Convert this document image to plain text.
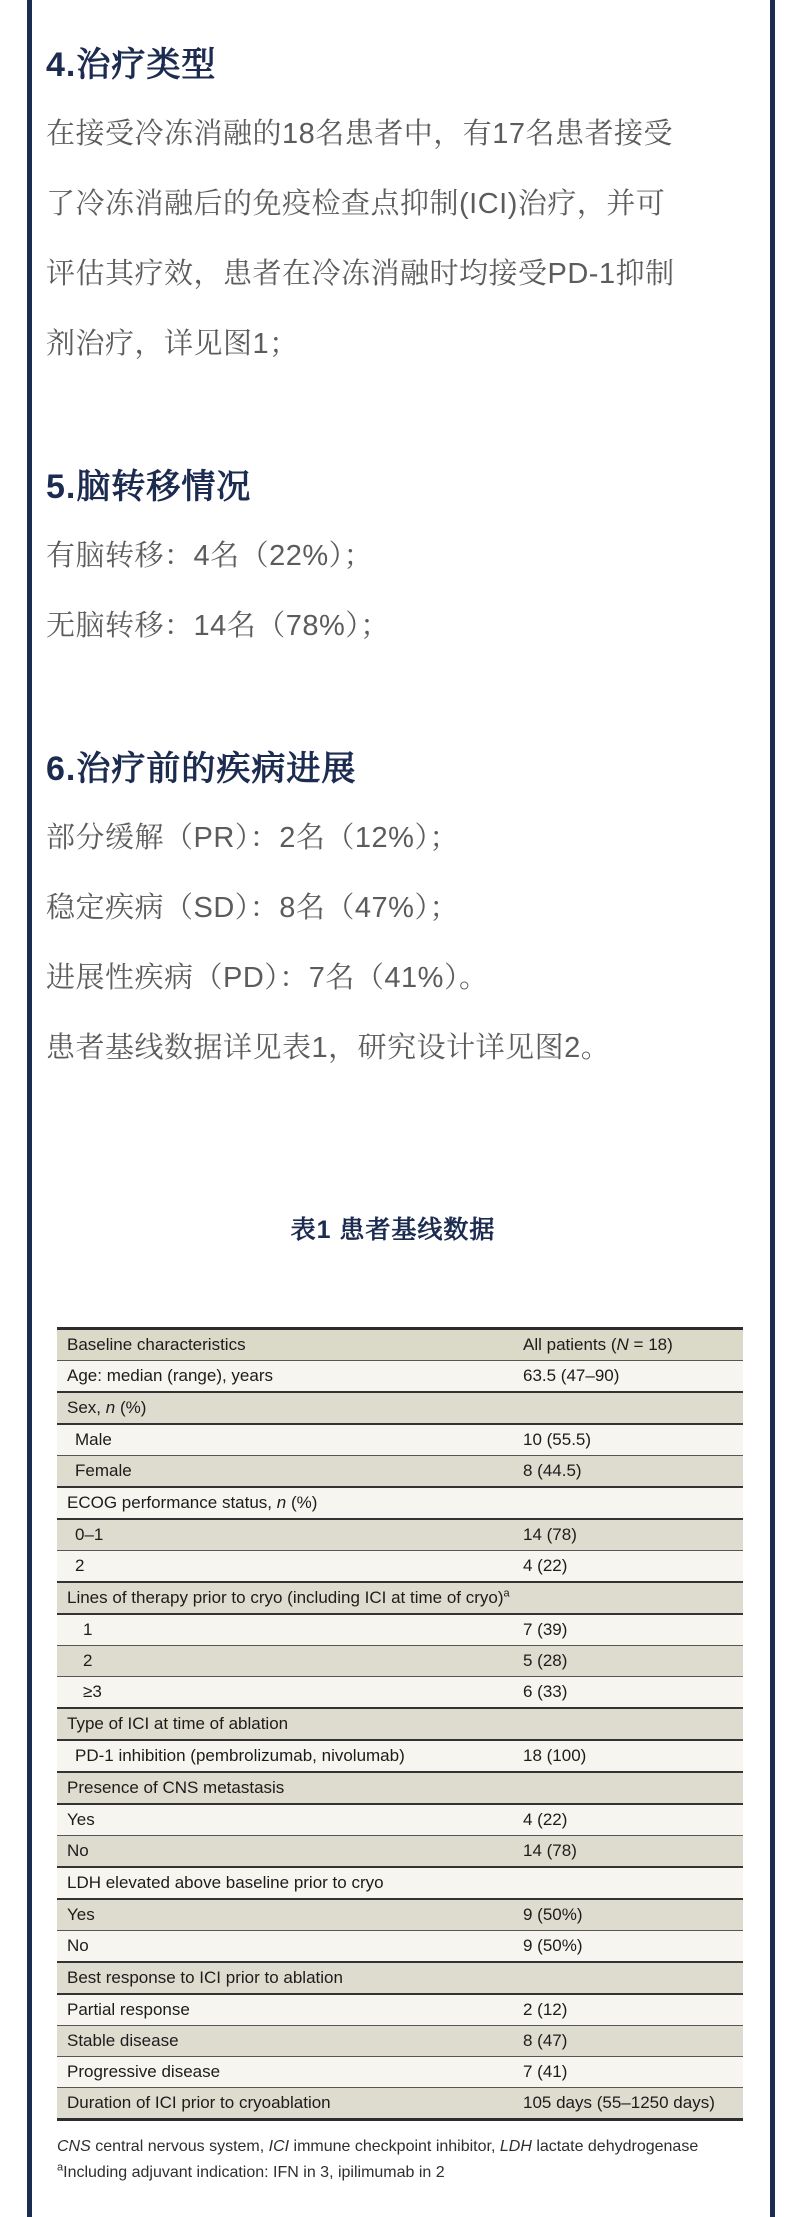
4.治疗类型

在接受冷冻消融的18名患者中，有17名患者接受

了冷冻消融后的免疫检查点抑制(ICI)治疗，并可

评估其疗效，患者在冷冻消融时均接受PD-1抑制

剂治疗，详见图1；

5.脑转移情况

有脑转移：4名（22%）；

无脑转移：14名（78%）；

6.治疗前的疾病进展

部分缓解（PR）：2名（12%）；

稳定疾病（SD）：8名（47%）；

进展性疾病（PD）：7名（41%）。

患者基线数据详见表1，研究设计详见图2。

表1 患者基线数据
Baseline characteristics	All patients (N = 18)
Age: median (range), years	63.5 (47–90)
Sex, n (%)	
Male	10 (55.5)
Female	8 (44.5)
ECOG performance status, n (%)	
0–1	14 (78)
2	4 (22)
Lines of therapy prior to cryo (including ICI at time of cryo)$^a$	
1	7 (39)
2	5 (28)
≥3	6 (33)
Type of ICI at time of ablation	
PD-1 inhibition (pembrolizumab, nivolumab)	18 (100)
Presence of CNS metastasis	
Yes	4 (22)
No	14 (78)
LDH elevated above baseline prior to cryo	
Yes	9 (50%)
No	9 (50%)
Best response to ICI prior to ablation	
Partial response	2 (12)
Stable disease	8 (47)
Progressive disease	7 (41)
Duration of ICI prior to cryoablation	105 days (55–1250 days)

CNS central nervous system, ICI immune checkpoint inhibitor, LDH lactate dehydrogenase

$^a$Including adjuvant indication: IFN in 3, ipilimumab in 2
